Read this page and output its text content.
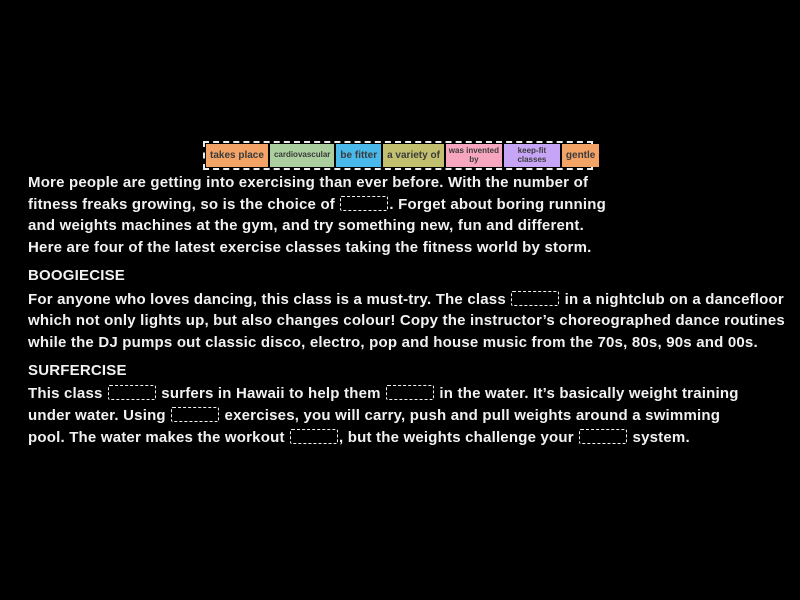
takes place	cardiovascular	be fitter	a variety of	was invented by
keep-fit classes	gentle
More people are getting into exercising than ever before. With the number of
fitness freaks growing, so is the choice of	. Forget about boring running
and weights machines at the gym, and try something new, fun and different.
Here are four of the latest exercise classes taking the fitness world by storm.
BOOGIECISE
For anyone who loves dancing, this class is a must-try. The class	in a nightclub on a dancefloor
which not only lights up, but also changes colour! Copy the instructor’s choreographed dance routines
while the DJ pumps out classic disco, electro, pop and house music from the 70s, 80s, 90s and 00s.
SURFERCISE
This class	surfers in Hawaii to help them	in the water. It’s basically weight training
under water. Using	exercises, you will carry, push and pull weights around a swimming
pool. The water makes the workout	, but the weights challenge your	system.
